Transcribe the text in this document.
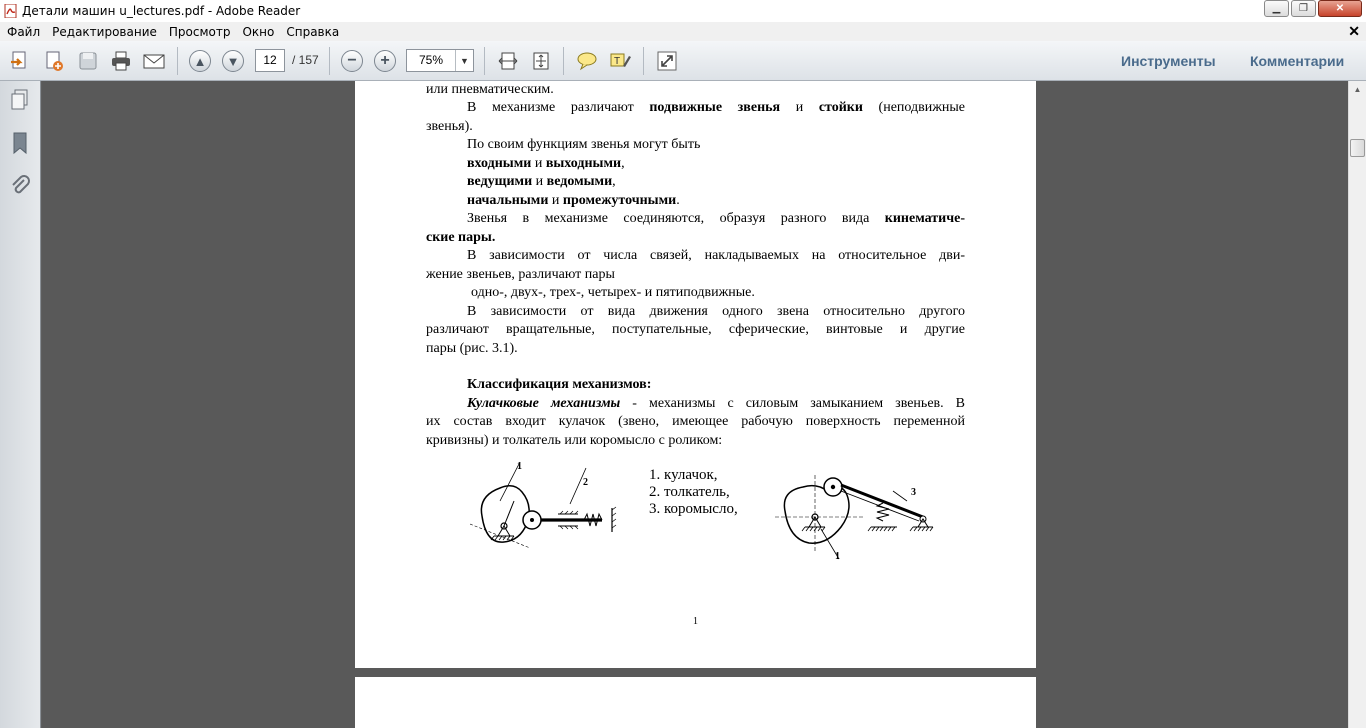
Детали машин u_lectures.pdf - Adobe Reader	▁ ❐	✕
Файл	Редактирование	Просмотр	Окно	Справка	✕
▲	▼	−	+	T
12	/ 157	75%	▼	Инструменты Комментарии
или пневматическим.
В механизме различают подвижные звенья и стойки (неподвижные
звенья).
По своим функциям звенья могут быть
входными и выходными,
ведущими и ведомыми,
начальными и промежуточными.
Звенья в механизме соединяются, образуя разного вида кинематиче-
ские пары.
В зависимости от числа связей, накладываемых на относительное дви-
жение звеньев, различают пары
одно-, двух-, трех-, четырех- и пятиподвижные.
В зависимости от вида движения одного звена относительно другого
различают вращательные, поступательные, сферические, винтовые и другие
пары (рис. 3.1).
Классификация механизмов:
Кулачковые механизмы - механизмы с силовым замыканием звеньев. В
их состав входит кулачок (звено, имеющее рабочую поверхность переменной
кривизны) и толкатель или коромысло с роликом:
1
2	1. кулачок,
2. толкатель,
3. коромысло,
1
3
1
▲
